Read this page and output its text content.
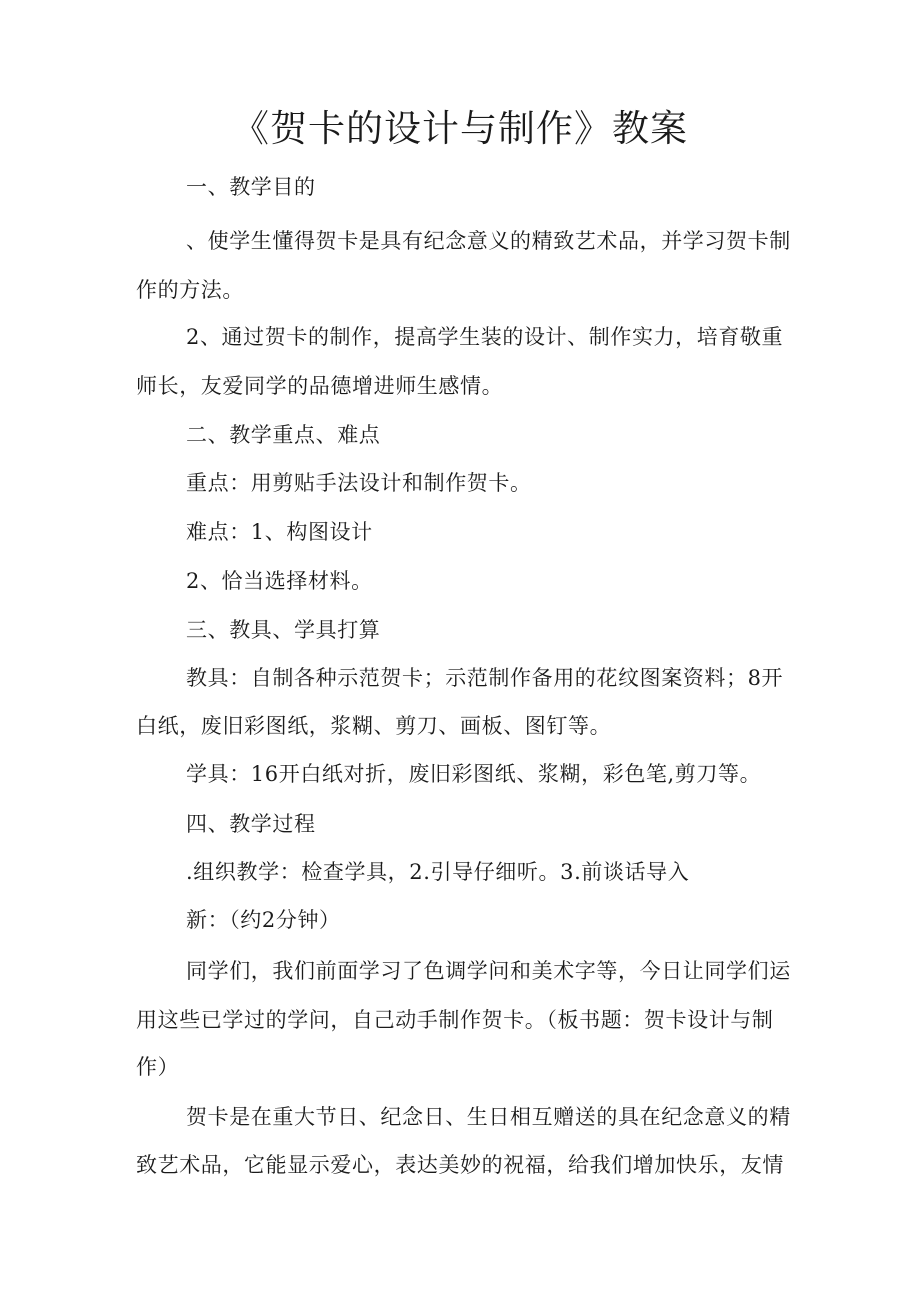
《贺卡的设计与制作》教案
一、教学目的
、使学生懂得贺卡是具有纪念意义的精致艺术品，并学习贺卡制
作的方法。
2、通过贺卡的制作，提高学生装的设计、制作实力，培育敬重
师长，友爱同学的品德增进师生感情。
二、教学重点、难点
重点：用剪贴手法设计和制作贺卡。
难点：1、构图设计
2、恰当选择材料。
三、教具、学具打算
教具：自制各种示范贺卡；示范制作备用的花纹图案资料；8开
白纸，废旧彩图纸，浆糊、剪刀、画板、图钉等。
学具：16开白纸对折，废旧彩图纸、浆糊，彩色笔,剪刀等。
四、教学过程
.组织教学：检查学具，2.引导仔细听。3.前谈话导入
新：（约2分钟）
同学们，我们前面学习了色调学问和美术字等，今日让同学们运
用这些已学过的学问，自己动手制作贺卡。（板书题：贺卡设计与制
作）
贺卡是在重大节日、纪念日、生日相互赠送的具在纪念意义的精
致艺术品，它能显示爱心，表达美妙的祝福，给我们增加快乐，友情
